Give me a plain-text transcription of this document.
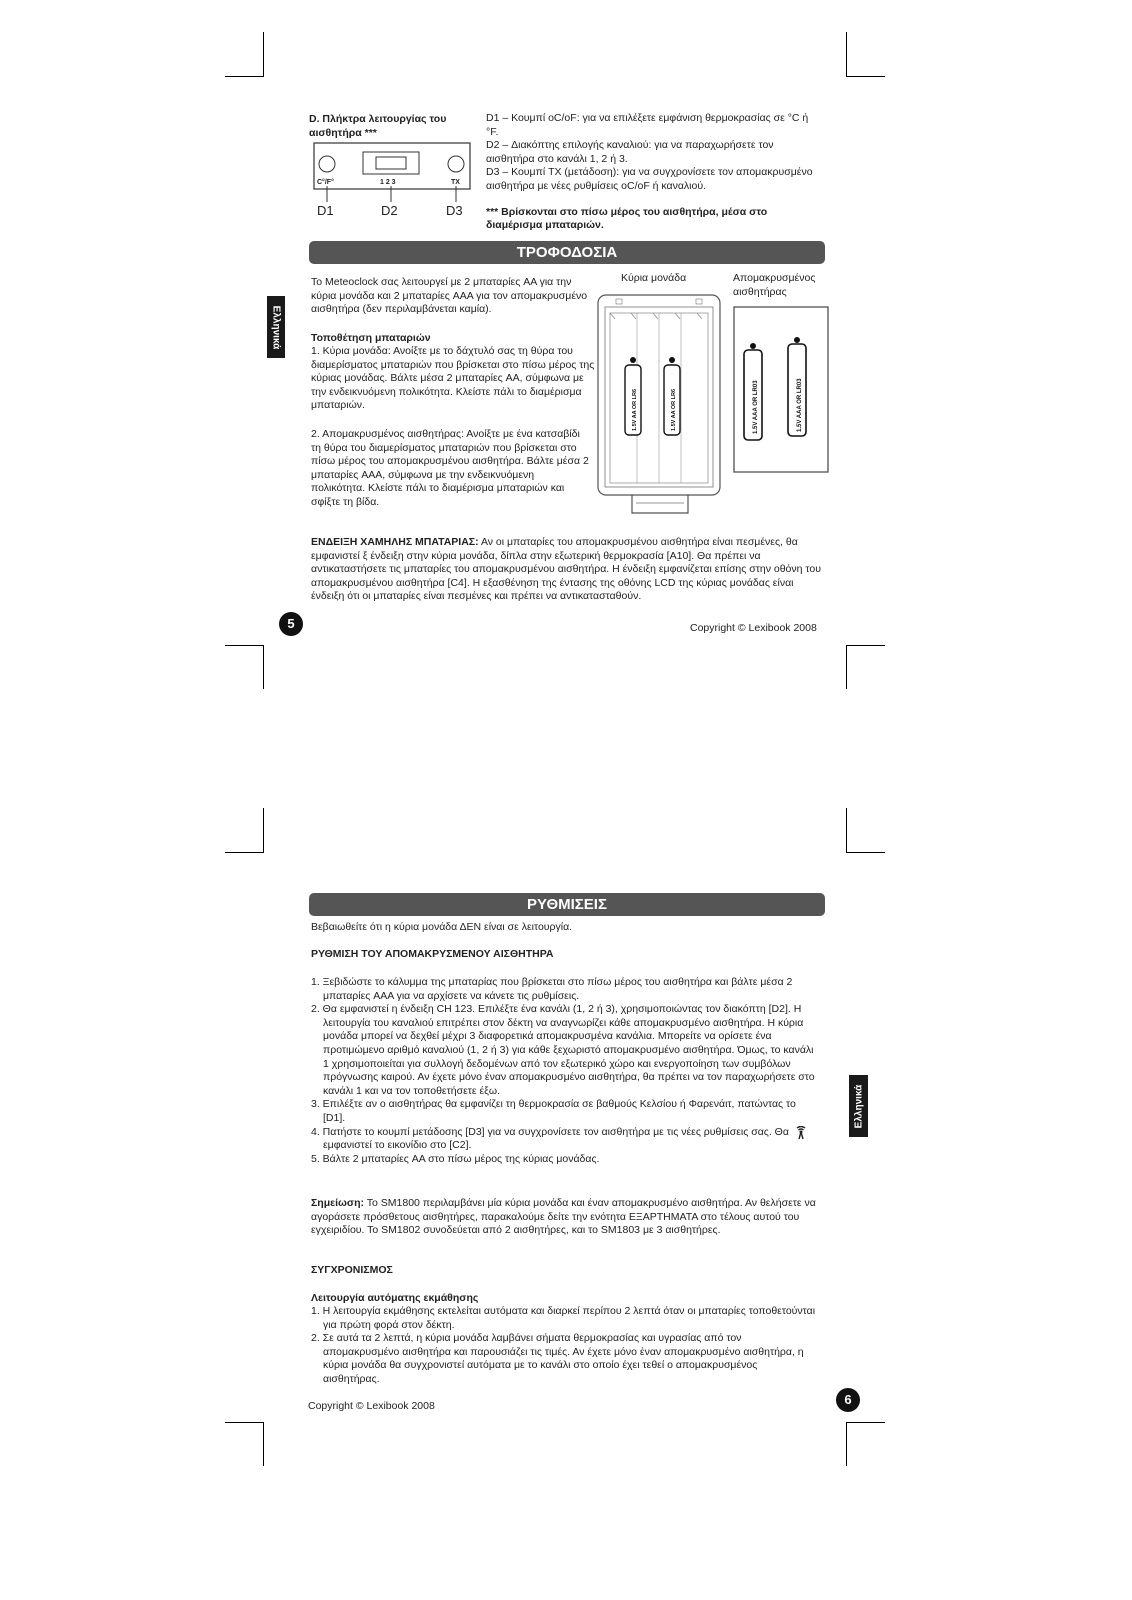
D. Πλήκτρα λειτουργίας του αισθητήρα ***
C°/F°	1 2 3	TX
D1	D2	D3

D1 – Κουμπί oC/oF: για να επιλέξετε εμφάνιση θερμοκρασίας σε °C ή °F.

D2 – Διακόπτης επιλογής καναλιού: για να παραχωρήσετε τον αισθητήρα στο κανάλι 1, 2 ή 3.

D3 – Κουμπί TX (μετάδοση): για να συγχρονίσετε τον απομακρυσμένο αισθητήρα με νέες ρυθμίσεις oC/oF ή καναλιού.

*** Βρίσκονται στο πίσω μέρος του αισθητήρα, μέσα στο διαμέρισμα μπαταριών.

ΤΡΟΦΟΔΟΣΙΑ
Ελληνικά
Το Meteoclock σας λειτουργεί με 2 μπαταρίες AA για την κύρια μονάδα και 2 μπαταρίες AAA για τον απομακρυσμένο αισθητήρα (δεν περιλαμβάνεται καμία).
Τοποθέτηση μπαταριών
1. Κύρια μονάδα: Ανοίξτε με το δάχτυλό σας τη θύρα του διαμερίσματος μπαταριών που βρίσκεται στο πίσω μέρος της κύριας μονάδας. Βάλτε μέσα 2 μπαταρίες AA, σύμφωνα με την ενδεικνυόμενη πολικότητα. Κλείστε πάλι το διαμέρισμα μπαταριών.
2. Απομακρυσμένος αισθητήρας: Ανοίξτε με ένα κατσαβίδι τη θύρα του διαμερίσματος μπαταριών που βρίσκεται στο πίσω μέρος του απομακρυσμένου αισθητήρα. Βάλτε μέσα 2 μπαταρίες AAA, σύμφωνα με την ενδεικνυόμενη πολικότητα. Κλείστε πάλι το διαμέρισμα μπαταριών και σφίξτε τη βίδα.
Κύρια μονάδα	Απομακρυσμένος αισθητήρας
1.5V AA OR LR6	1.5V AA OR LR6	1.5V AAA OR LR03	1.5V AAA OR LR03
ΕΝΔΕΙΞΗ ΧΑΜΗΛΗΣ ΜΠΑΤΑΡΙΑΣ: Αν οι μπαταρίες του απομακρυσμένου αισθητήρα είναι πεσμένες, θα εμφανιστεί ξ ένδειξη στην κύρια μονάδα, δίπλα στην εξωτερική θερμοκρασία [A10]. Θα πρέπει να αντικαταστήσετε τις μπαταρίες του απομακρυσμένου αισθητήρα. Η ένδειξη εμφανίζεται επίσης στην οθόνη του απομακρυσμένου αισθητήρα [C4]. Η εξασθένηση της έντασης της οθόνης LCD της κύριας μονάδας είναι ένδειξη ότι οι μπαταρίες είναι πεσμένες και πρέπει να αντικατασταθούν.
5	Copyright © Lexibook 2008
ΡΥΘΜΙΣΕΙΣ
Βεβαιωθείτε ότι η κύρια μονάδα ΔΕΝ είναι σε λειτουργία.
ΡΥΘΜΙΣΗ ΤΟΥ ΑΠΟΜΑΚΡΥΣΜΕΝΟΥ ΑΙΣΘΗΤΗΡΑ
1. Ξεβιδώστε το κάλυμμα της μπαταρίας που βρίσκεται στο πίσω μέρος του αισθητήρα και βάλτε μέσα 2 μπαταρίες AAA για να αρχίσετε να κάνετε τις ρυθμίσεις.
2. Θα εμφανιστεί η ένδειξη CH 123. Επιλέξτε ένα κανάλι (1, 2 ή 3), χρησιμοποιώντας τον διακόπτη [D2]. Η λειτουργία του καναλιού επιτρέπει στον δέκτη να αναγνωρίζει κάθε απομακρυσμένο αισθητήρα. Η κύρια μονάδα μπορεί να δεχθεί μέχρι 3 διαφορετικά απομακρυσμένα κανάλια. Μπορείτε να ορίσετε ένα προτιμώμενο αριθμό καναλιού (1, 2 ή 3) για κάθε ξεχωριστό απομακρυσμένο αισθητήρα. Όμως, το κανάλι 1 χρησιμοποιείται για συλλογή δεδομένων από τον εξωτερικό χώρο και ενεργοποίηση των συμβόλων πρόγνωσης καιρού. Αν έχετε μόνο έναν απομακρυσμένο αισθητήρα, θα πρέπει να τον παραχωρήσετε στο κανάλι 1 και να τον τοποθετήσετε έξω.
3. Επιλέξτε αν ο αισθητήρας θα εμφανίζει τη θερμοκρασία σε βαθμούς Κελσίου ή Φαρενάιτ, πατώντας το [D1].
4. Πατήστε το κουμπί μετάδοσης [D3] για να συγχρονίσετε τον αισθητήρα με τις νέες ρυθμίσεις σας. Θα εμφανιστεί το εικονίδιο στο [C2].
5. Βάλτε 2 μπαταρίες AA στο πίσω μέρος της κύριας μονάδας.
Σημείωση: Το SM1800 περιλαμβάνει μία κύρια μονάδα και έναν απομακρυσμένο αισθητήρα. Αν θελήσετε να αγοράσετε πρόσθετους αισθητήρες, παρακαλούμε δείτε την ενότητα ΕΞΑΡΤΗΜΑΤΑ στο τέλους αυτού του εγχειριδίου. Το SM1802 συνοδεύεται από 2 αισθητήρες, και το SM1803 με 3 αισθητήρες.
ΣΥΓΧΡΟΝΙΣΜΟΣ
Λειτουργία αυτόματης εκμάθησης
1. Η λειτουργία εκμάθησης εκτελείται αυτόματα και διαρκεί περίπου 2 λεπτά όταν οι μπαταρίες τοποθετούνται για πρώτη φορά στον δέκτη.
2. Σε αυτά τα 2 λεπτά, η κύρια μονάδα λαμβάνει σήματα θερμοκρασίας και υγρασίας από τον απομακρυσμένο αισθητήρα και παρουσιάζει τις τιμές. Αν έχετε μόνο έναν απομακρυσμένο αισθητήρα, η κύρια μονάδα θα συγχρονιστεί αυτόματα με το κανάλι στο οποίο έχει τεθεί ο απομακρυσμένος αισθητήρας.
Ελληνικά
Copyright © Lexibook 2008	6
